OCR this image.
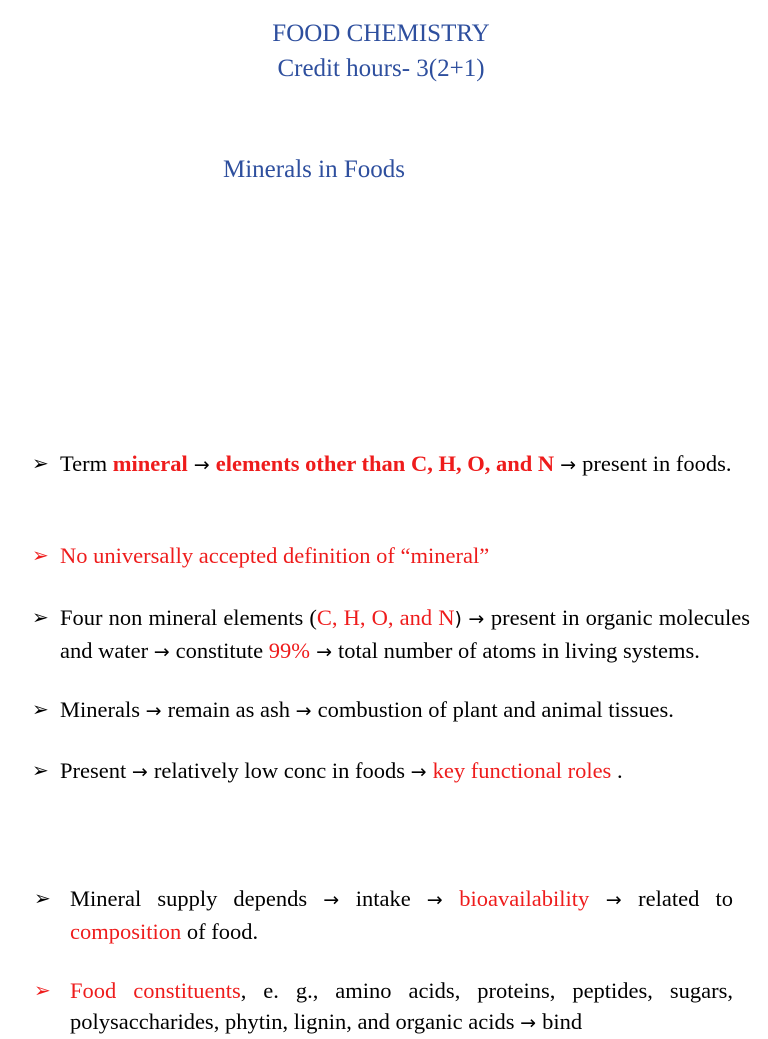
FOOD CHEMISTRY
Credit hours- 3(2+1)
Minerals in Foods
➢ Term mineral → elements other than C, H, O, and N → present in foods.
➢ No universally accepted definition of “mineral”
➢ Four non mineral elements (C, H, O, and N) → present in organic molecules and water → constitute 99% → total number of atoms in living systems.
➢ Minerals → remain as ash → combustion of plant and animal tissues.
➢ Present → relatively low conc in foods → key functional roles .
➢ Mineral supply depends → intake → bioavailability → related to composition of food.
➢ Food constituents, e. g., amino acids, proteins, peptides, sugars, polysaccharides, phytin, lignin, and organic acids → bind
